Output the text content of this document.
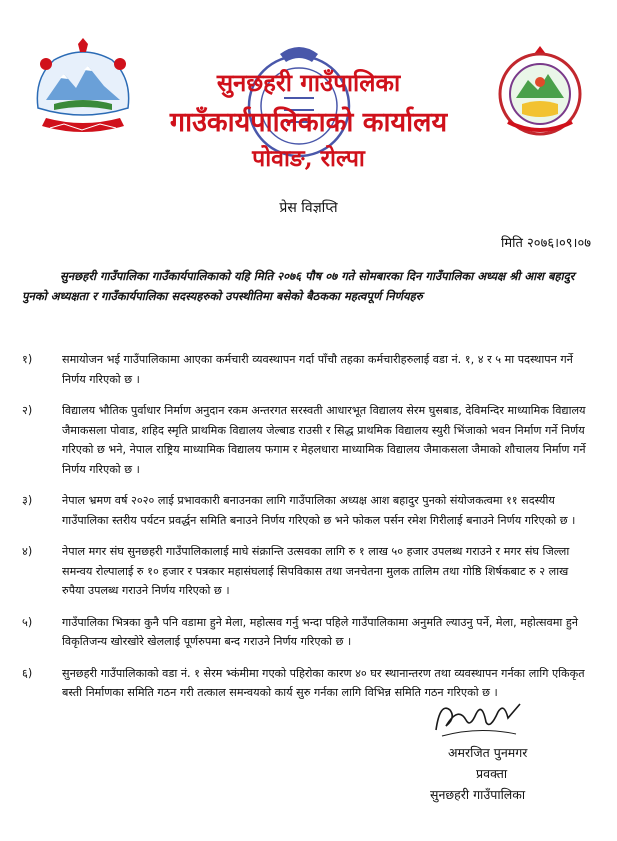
सुनछहरी गाउँपालिका
गाउँकार्यपालिकाको कार्यालय
पोवाङ, रोल्पा
प्रेस विज्ञप्ति
मिति २०७६।०९।०७
सुनछहरी गाउँपालिका गाउँकार्यपालिकाको यहि मिति २०७६ पौष ०७ गते सोमबारका दिन गाउँपालिका अध्यक्ष श्री आश बहादुर पुनको अध्यक्षता र गाउँकार्यपालिका सदस्यहरुको उपस्थीतिमा बसेको बैठकका महत्वपूर्ण निर्णयहरु
१)	समायोजन भई गाउँपालिकामा आएका कर्मचारी व्यवस्थापन गर्दा पाँचौ तहका कर्मचारीहरुलाई वडा नं. १, ४ र ५ मा पदस्थापन गर्ने निर्णय गरिएको छ ।
२)	विद्यालय भौतिक पुर्वाधार निर्माण अनुदान रकम अन्तरगत सरस्वती आधारभूत विद्यालय सेरम घुसबाड, देविमन्दिर माध्यामिक विद्यालय जैमाकसला पोवाड, शहिद स्मृति प्राथमिक विद्यालय जेल्बाड राउसी र सिद्ध प्राथमिक विद्यालय स्युरी भिंजाको भवन निर्माण गर्ने निर्णय गरिएको छ भने, नेपाल राष्ट्रिय माध्यामिक विद्यालय फगाम र मेहलधारा माध्यामिक विद्यालय जैमाकसला जैमाको शौचालय निर्माण गर्ने निर्णय गरिएको छ ।
३)	नेपाल भ्रमण वर्ष २०२० लाई प्रभावकारी बनाउनका लागि गाउँपालिका अध्यक्ष आश बहादुर पुनको संयोजकत्वमा ११ सदस्यीय गाउँपालिका स्तरीय पर्यटन प्रवर्द्धन समिति बनाउने निर्णय गरिएको छ भने फोकल पर्सन रमेश गिरीलाई बनाउने निर्णय गरिएको छ ।
४)	नेपाल मगर संघ सुनछहरी गाउँपालिकालाई माघे संक्रान्ति उत्सवका लागि रु १ लाख ५० हजार उपलब्ध गराउने र मगर संघ जिल्ला समन्वय रोल्पालाई रु १० हजार र पत्रकार महासंघलाई सिपविकास तथा जनचेतना मुलक तालिम तथा गोष्ठि शिर्षकबाट रु २ लाख रुपैया उपलब्ध गराउने निर्णय गरिएको छ ।
५)	गाउँपालिका भित्रका कुनै पनि वडामा हुने मेला, महोत्सव गर्नु भन्दा पहिले गाउँपालिकामा अनुमति ल्याउनु पर्ने, मेला, महोत्सवमा हुने विकृतिजन्य खोरखोरे खेललाई पूर्णरुपमा बन्द गराउने निर्णय गरिएको छ ।
६)	सुनछहरी गाउँपालिकाको वडा नं. १ सेरम भ्कंमीमा गएको पहिरोका कारण ४० घर स्थानान्तरण तथा व्यवस्थापन गर्नका लागि एकिकृत बस्ती निर्माणका समिति गठन गरी तत्काल समन्वयको कार्य सुरु गर्नका लागि विभिन्न समिति गठन गरिएको छ ।
अमरजित पुनमगर
प्रवक्ता
सुनछहरी गाउँपालिका
